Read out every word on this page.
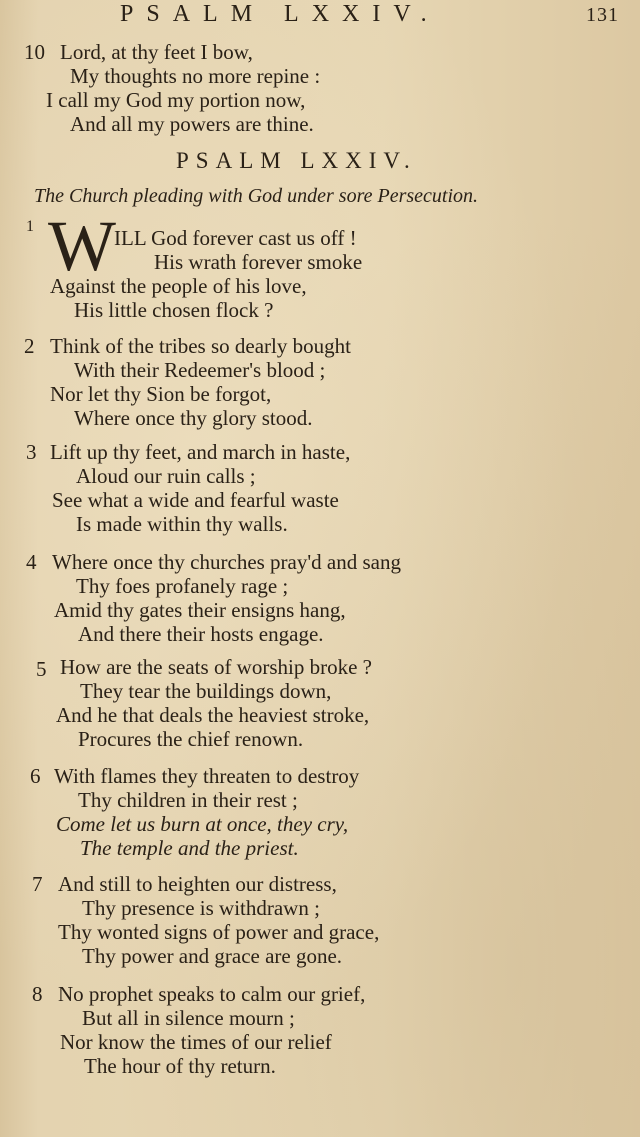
PSALM LXXIV.	131
10 Lord, at thy feet I bow,
My thoughts no more repine :
I call my God my portion now,
And all my powers are thine.
PSALM LXXIV.
The Church pleading with God under sore Persecution.
1 W
ILL God forever cast us off !
His wrath forever smoke
Against the people of his love,
His little chosen flock ?
2 Think of the tribes so dearly bought
With their Redeemer's blood ;
Nor let thy Sion be forgot,
Where once thy glory stood.
3 Lift up thy feet, and march in haste,
Aloud our ruin calls ;
See what a wide and fearful waste
Is made within thy walls.
4 Where once thy churches pray'd and sang
Thy foes profanely rage ;
Amid thy gates their ensigns hang,
And there their hosts engage.
5 How are the seats of worship broke ?
They tear the buildings down,
And he that deals the heaviest stroke,
Procures the chief renown.
6 With flames they threaten to destroy
Thy children in their rest ;
Come let us burn at once, they cry,
The temple and the priest.
7 And still to heighten our distress,
Thy presence is withdrawn ;
Thy wonted signs of power and grace,
Thy power and grace are gone.
8 No prophet speaks to calm our grief,
But all in silence mourn ;
Nor know the times of our relief
The hour of thy return.
